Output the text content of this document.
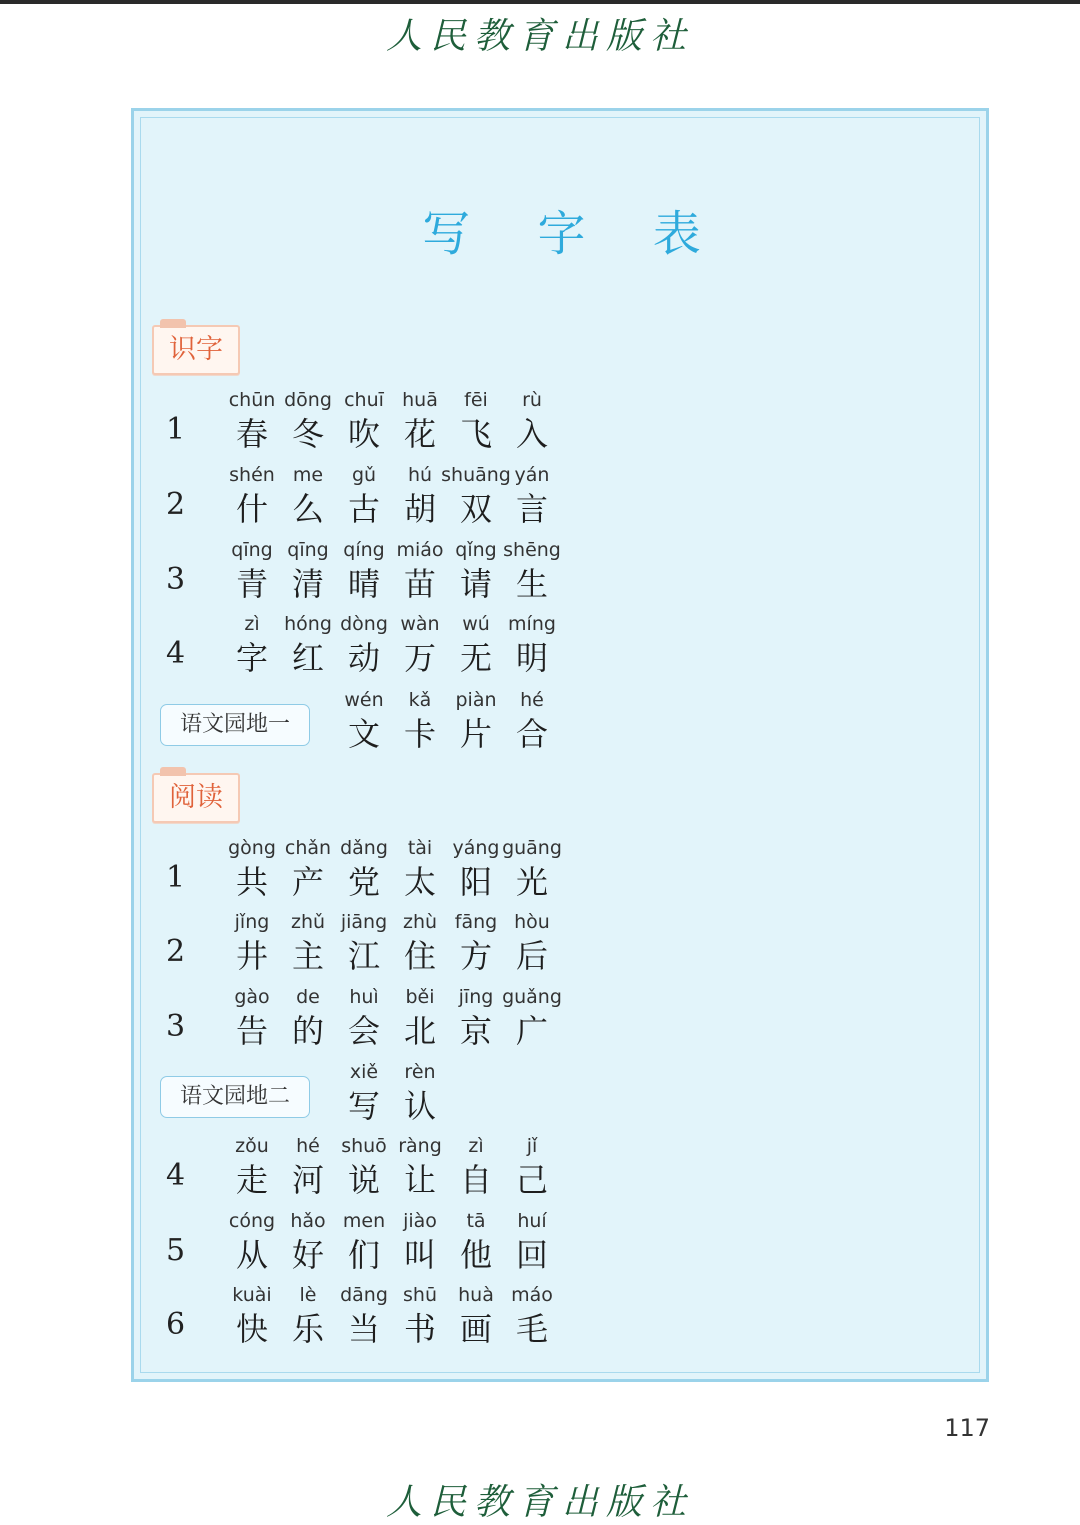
人民教育出版社
写 字 表
识字
1
chūn
春
dōng
冬
chuī
吹
huā
花
fēi
飞
rù
入
2
shén
什
me
么
gǔ
古
hú
胡
shuāng
双
yán
言
3
qīng
青
qīng
清
qíng
晴
miáo
苗
qǐng
请
shēng
生
4
zì
字
hóng
红
dòng
动
wàn
万
wú
无
míng
明
语文园地一
wén
文
kǎ
卡
piàn
片
hé
合
阅读
1
gòng
共
chǎn
产
dǎng
党
tài
太
yáng
阳
guāng
光
2
jǐng
井
zhǔ
主
jiāng
江
zhù
住
fāng
方
hòu
后
3
gào
告
de
的
huì
会
běi
北
jīng
京
guǎng
广
语文园地二
xiě
写
rèn
认
4
zǒu
走
hé
河
shuō
说
ràng
让
zì
自
jǐ
己
5
cóng
从
hǎo
好
men
们
jiào
叫
tā
他
huí
回
6
kuài
快
lè
乐
dāng
当
shū
书
huà
画
máo
毛
117
人民教育出版社
